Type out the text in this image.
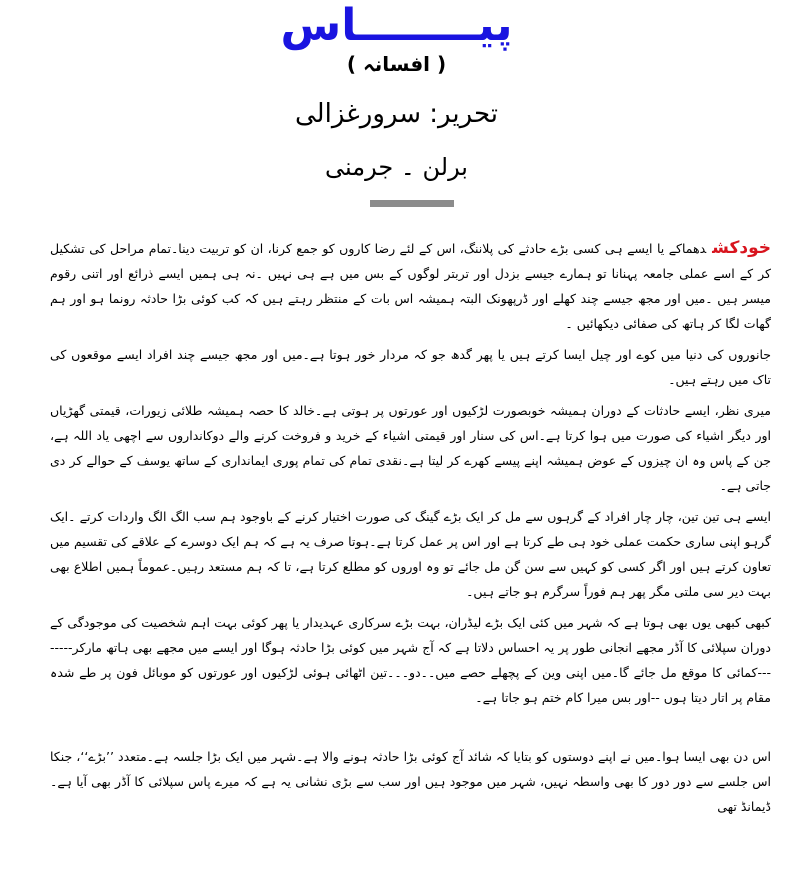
پیــــــــاس
( افسانہ )
تحریر: سرورغزالی
برلن ۔ جرمنی

خودکشدھماکے یا ایسے ہی کسی بڑے حادثے کی پلاننگ، اس کے لئے رضا کاروں کو جمع کرنا، ان کو تربیت دینا۔تمام مراحل کی تشکیل کر کے اسے عملی جامعہ پہنانا تو ہمارے جیسے بزدل اور تربتر لوگوں کے بس میں ہے ہی نہیں ۔نہ ہی ہمیں ایسے ذرائع اور اتنی رقوم میسر ہیں ۔میں اور مجھ جیسے چند کھلے اور ڈرپھونک البتہ ہمیشہ اس بات کے منتظر رہتے ہیں کہ کب کوئی بڑا حادثہ رونما ہو اور ہم گھات لگا کر ہاتھ کی صفائی دیکھائیں ۔

جانوروں کی دنیا میں کوے اور چیل ایسا کرتے ہیں یا پھر گدھ جو کہ مردار خور ہوتا ہے۔میں اور مجھ جیسے چند افراد ایسے موقعوں کی تاک میں رہتے ہیں۔

میری نظر، ایسے حادثات کے دوران ہمیشہ خوبصورت لڑکیوں اور عورتوں پر ہوتی ہے۔خالد کا حصہ ہمیشہ طلائی زیورات، قیمتی گھڑیاں اور دیگر اشیاء کی صورت میں ہوا کرتا ہے۔اس کی سنار اور قیمتی اشیاء کے خرید و فروخت کرنے والے دوکانداروں سے اچھی یاد اللہ ہے، جن کے پاس وہ ان چیزوں کے عوض ہمیشہ اپنے پیسے کھرے کر لیتا ہے۔نقدی تمام کی تمام پوری ایمانداری کے ساتھ یوسف کے حوالے کر دی جاتی ہے۔

ایسے ہی تین تین، چار چار افراد کے گرہوں سے مل کر ایک بڑے گینگ کی صورت اختیار کرنے کے باوجود ہم سب الگ الگ واردات کرتے ۔ایک گرہو اپنی ساری حکمت عملی خود ہی طے کرتا ہے اور اس پر عمل کرتا ہے۔ہوتا صرف یہ ہے کہ ہم ایک دوسرے کے علاقے کی تقسیم میں تعاون کرتے ہیں اور اگر کسی کو کہیں سے سن گن مل جائے تو وہ اوروں کو مطلع کرتا ہے، تا کہ ہم مستعد رہیں۔عموماً ہمیں اطلاع بھی بہت دیر سی ملتی مگر پھر ہم فوراً سرگرم ہو جاتے ہیں۔

کبھی کبھی یوں بھی ہوتا ہے کہ شہر میں کئی ایک بڑے لیڈران، بہت بڑے سرکاری عہدیدار یا پھر کوئی بہت اہم شخصیت کی موجودگی کے دوران سپلائی کا آڈر مجھے انجانی طور پر یہ احساس دلاتا ہے کہ آج شہر میں کوئی بڑا حادثہ ہوگا اور ایسے میں مجھے بھی ہاتھ مارکر--------کمائی کا موقع مل جائے گا۔میں اپنی وین کے پچھلے حصے میں۔۔دو۔۔۔تین اٹھائی ہوئی لڑکیوں اور عورتوں کو موبائل فون پر طے شدہ مقام پر اتار دیتا ہوں --اور بس میرا کام ختم ہو جاتا ہے۔

اس دن بھی ایسا ہوا۔میں نے اپنے دوستوں کو بتایا کہ شائد آج کوئی بڑا حادثہ ہونے والا ہے۔شہر میں ایک بڑا جلسہ ہے۔متعدد ’’بڑے‘‘، جنکا اس جلسے سے دور دور کا بھی واسطہ نہیں، شہر میں موجود ہیں اور سب سے بڑی نشانی یہ ہے کہ میرے پاس سپلائی کا آڈر بھی آیا ہے۔ڈیمانڈ تھی
